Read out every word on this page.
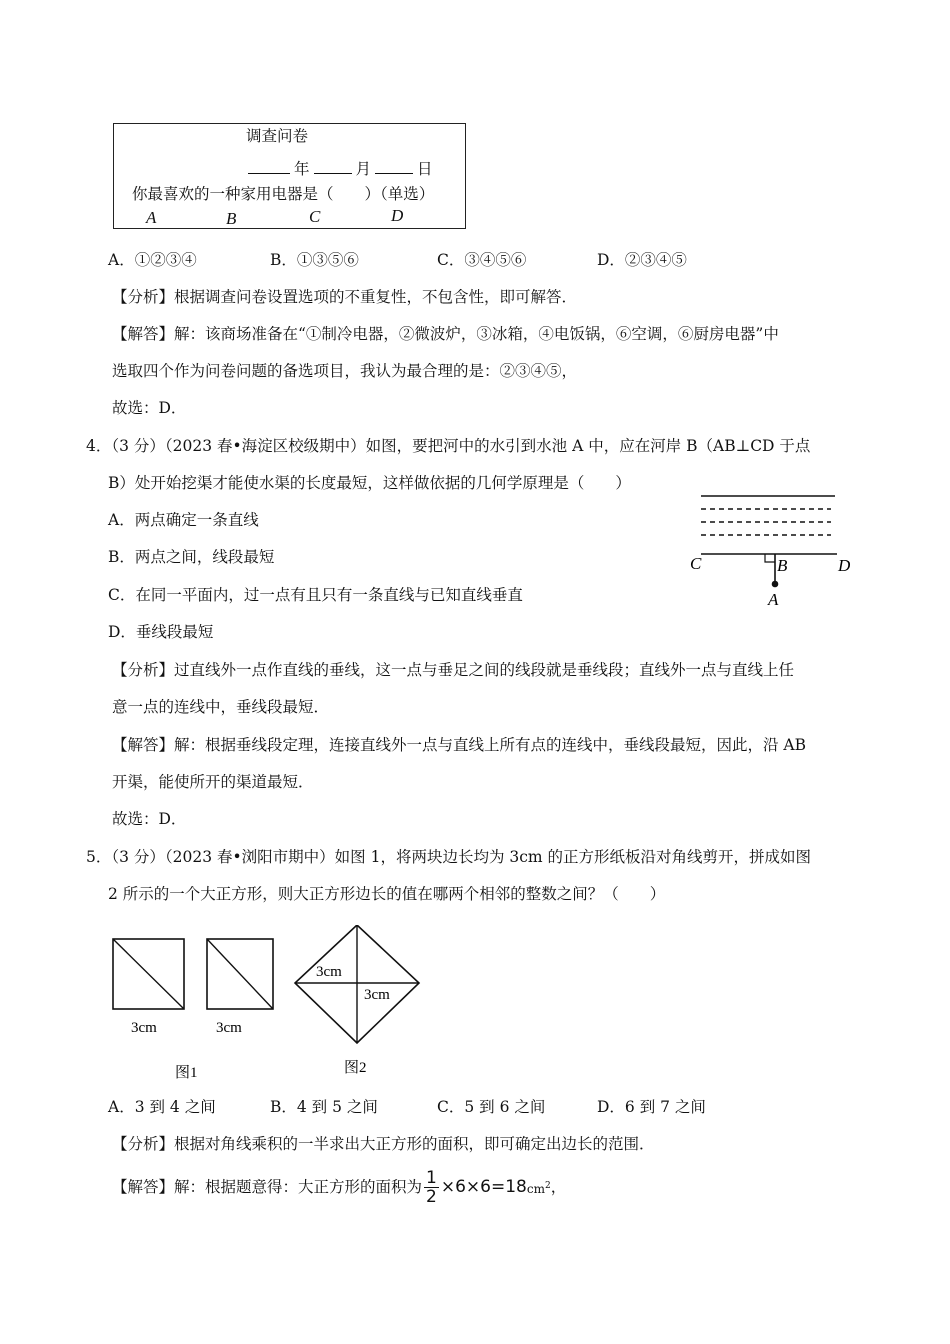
调查问卷
年	月	日
你最喜欢的一种家用电器是（　　）（单选）
A	B	C	D
A．①②③④	B．①③⑤⑥	C．③④⑤⑥	D．②③④⑤
【分析】根据调查问卷设置选项的不重复性，不包含性，即可解答．
【解答】解：该商场准备在“①制冷电器，②微波炉，③冰箱，④电饭锅，⑥空调，⑥厨房电器”中
选取四个作为问卷问题的备选项目，我认为最合理的是：②③④⑤，
故选：D．
4．（3 分）（2023 春•海淀区校级期中）如图，要把河中的水引到水池 A 中，应在河岸 B（AB⊥CD 于点
B）处开始挖渠才能使水渠的长度最短，这样做依据的几何学原理是（　　）
A．两点确定一条直线
B．两点之间，线段最短
C．在同一平面内，过一点有且只有一条直线与已知直线垂直
D．垂线段最短
C	B	D
A
【分析】过直线外一点作直线的垂线，这一点与垂足之间的线段就是垂线段；直线外一点与直线上任
意一点的连线中，垂线段最短．
【解答】解：根据垂线段定理，连接直线外一点与直线上所有点的连线中，垂线段最短，因此，沿 AB
开渠，能使所开的渠道最短．
故选：D．
5．（3 分）（2023 春•浏阳市期中）如图 1，将两块边长均为 3cm 的正方形纸板沿对角线剪开，拼成如图
2 所示的一个大正方形，则大正方形边长的值在哪两个相邻的整数之间？（　　）
3cm	3cm
图1
3cm
3cm
图2
A．3 到 4 之间	B．4 到 5 之间	C．5 到 6 之间	D．6 到 7 之间
【分析】根据对角线乘积的一半求出大正方形的面积，即可确定出边长的范围．
【解答】解：根据题意得：大正方形的面积为 $\frac{1}{2} \times 6\times 6=18$ $cm^2$ ，
